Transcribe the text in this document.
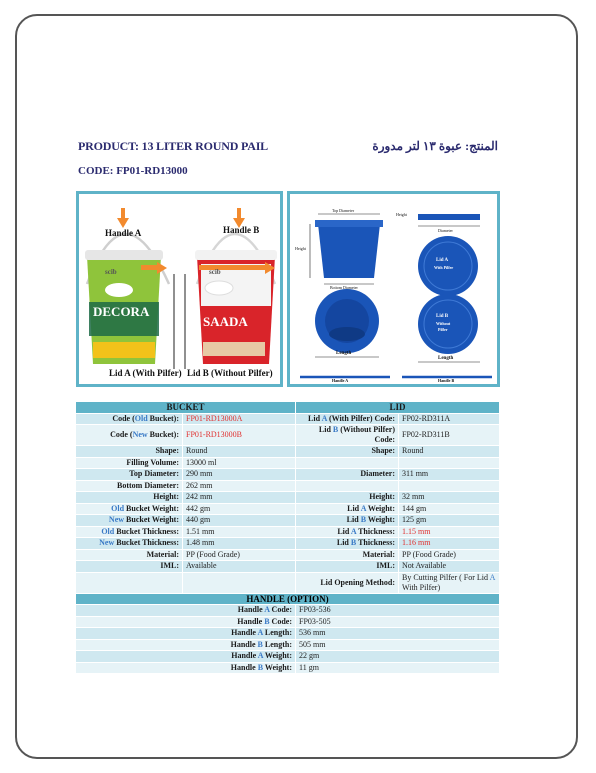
PRODUCT: 13 LITER ROUND PAIL	المنتج: عبوة ١٣ لتر مدورة
CODE: FP01-RD13000
Handle A	Handle B
scib	scib
DECORA
SAADA
Lid A (With Pilfer) Lid B (Without Pilfer)
Top Diameter
Height
Bottom Diameter
Height
Diameter
Lid A
With Pilfer
Lid B
Without
Pilfer
Length
Length
Handle A	Handle B
BUCKET		LID	
Code (Old Bucket):	FP01-RD13000A	Lid A (With Pilfer) Code:	FP02-RD311A
Code (New Bucket):	FP01-RD13000B	Lid B (Without Pilfer) Code:	FP02-RD311B
Shape:	Round	Shape:	Round
Filling Volume:	13000 ml		
Top Diameter:	290 mm	Diameter:	311 mm
Bottom Diameter:	262 mm		
Height:	242 mm	Height:	32 mm
Old Bucket Weight:	442 gm	Lid A Weight:	144 gm
New Bucket Weight:	440 gm	Lid B Weight:	125 gm
Old Bucket Thickness:	1.51 mm	Lid A Thickness:	1.15 mm
New Bucket Thickness:	1.48 mm	Lid B Thickness:	1.16 mm
Material:	PP (Food Grade)	Material:	PP (Food Grade)
IML:	Available	IML:	Not Available
		Lid Opening Method:	By Cutting Pilfer ( For Lid A With Pilfer)
HANDLE (OPTION)			
Handle A Code:		FP03-536	
Handle B Code:		FP03-505	
Handle A Length:		536 mm	
Handle B Length:		505 mm	
Handle A Weight:		22 gm	
Handle B Weight:		11 gm	
